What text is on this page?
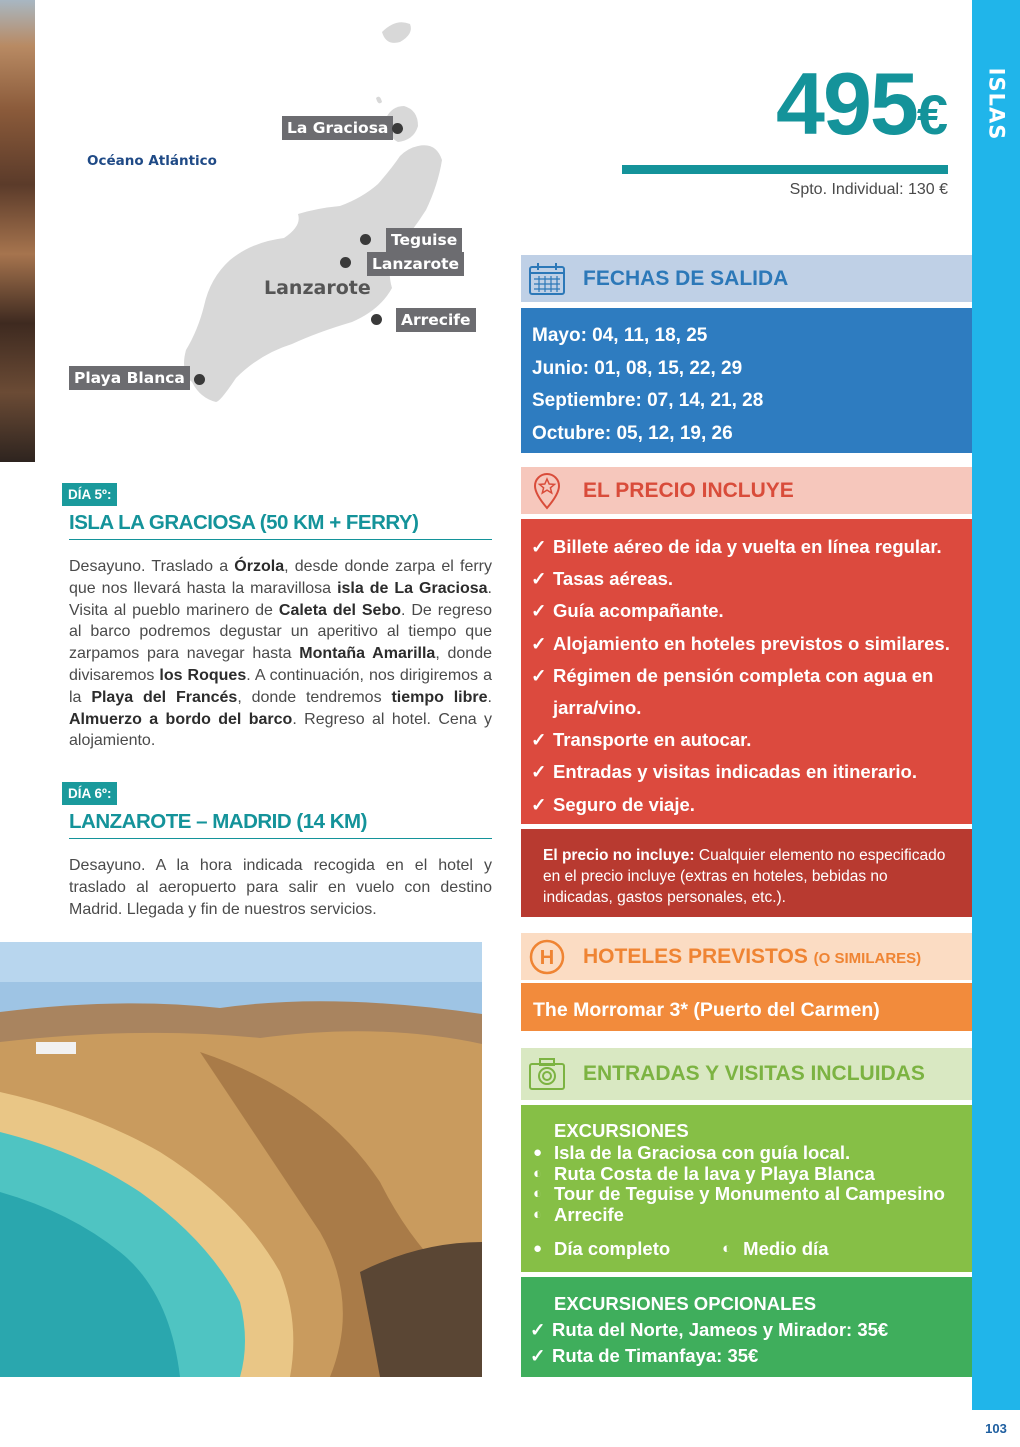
ISLAS
103
Océano Atlántico
Lanzarote
La Graciosa
Teguise
Lanzarote
Arrecife
Playa Blanca
DÍA 5º:
ISLA LA GRACIOSA (50 KM + FERRY)
Desayuno. Traslado a Órzola, desde donde zarpa el ferry que nos llevará hasta la maravillosa isla de La Graciosa. Visita al pueblo marinero de Caleta del Sebo. De regreso al barco podremos degustar un aperitivo al tiempo que zarpamos para navegar hasta Montaña Amarilla, donde divisaremos los Roques. A continuación, nos dirigiremos a la Playa del Francés, donde tendremos tiempo libre. Almuerzo a bordo del barco. Regreso al hotel. Cena y alojamiento.
DÍA 6º:
LANZAROTE – MADRID (14 KM)
Desayuno. A la hora indicada recogida en el hotel y traslado al aeropuerto para salir en vuelo con destino Madrid. Llegada y fin de nuestros servicios.
495€
Spto. Individual: 130 €
FECHAS DE SALIDA
Mayo: 04, 11, 18, 25
Junio: 01, 08, 15, 22, 29
Septiembre: 07, 14, 21, 28
Octubre: 05, 12, 19, 26
EL PRECIO INCLUYE
✓ Billete aéreo de ida y vuelta en línea regular.
✓ Tasas aéreas.
✓ Guía acompañante.
✓ Alojamiento en hoteles previstos o similares.
✓ Régimen de pensión completa con agua en jarra/vino.
✓ Transporte en autocar.
✓ Entradas y visitas indicadas en itinerario.
✓ Seguro de viaje.
El precio no incluye: Cualquier elemento no especificado en el precio incluye (extras en hoteles, bebidas no indicadas, gastos personales, etc.).
H HOTELES PREVISTOS (O SIMILARES)
The Morromar 3* (Puerto del Carmen)
ENTRADAS Y VISITAS INCLUIDAS
EXCURSIONES
● Isla de la Graciosa con guía local.
◐ Ruta Costa de la lava y Playa Blanca
◐ Tour de Teguise y Monumento al Campesino
◐ Arrecife
● Día completo	◐ Medio día
EXCURSIONES OPCIONALES
✓ Ruta del Norte, Jameos y Mirador: 35€
✓ Ruta de Timanfaya: 35€
